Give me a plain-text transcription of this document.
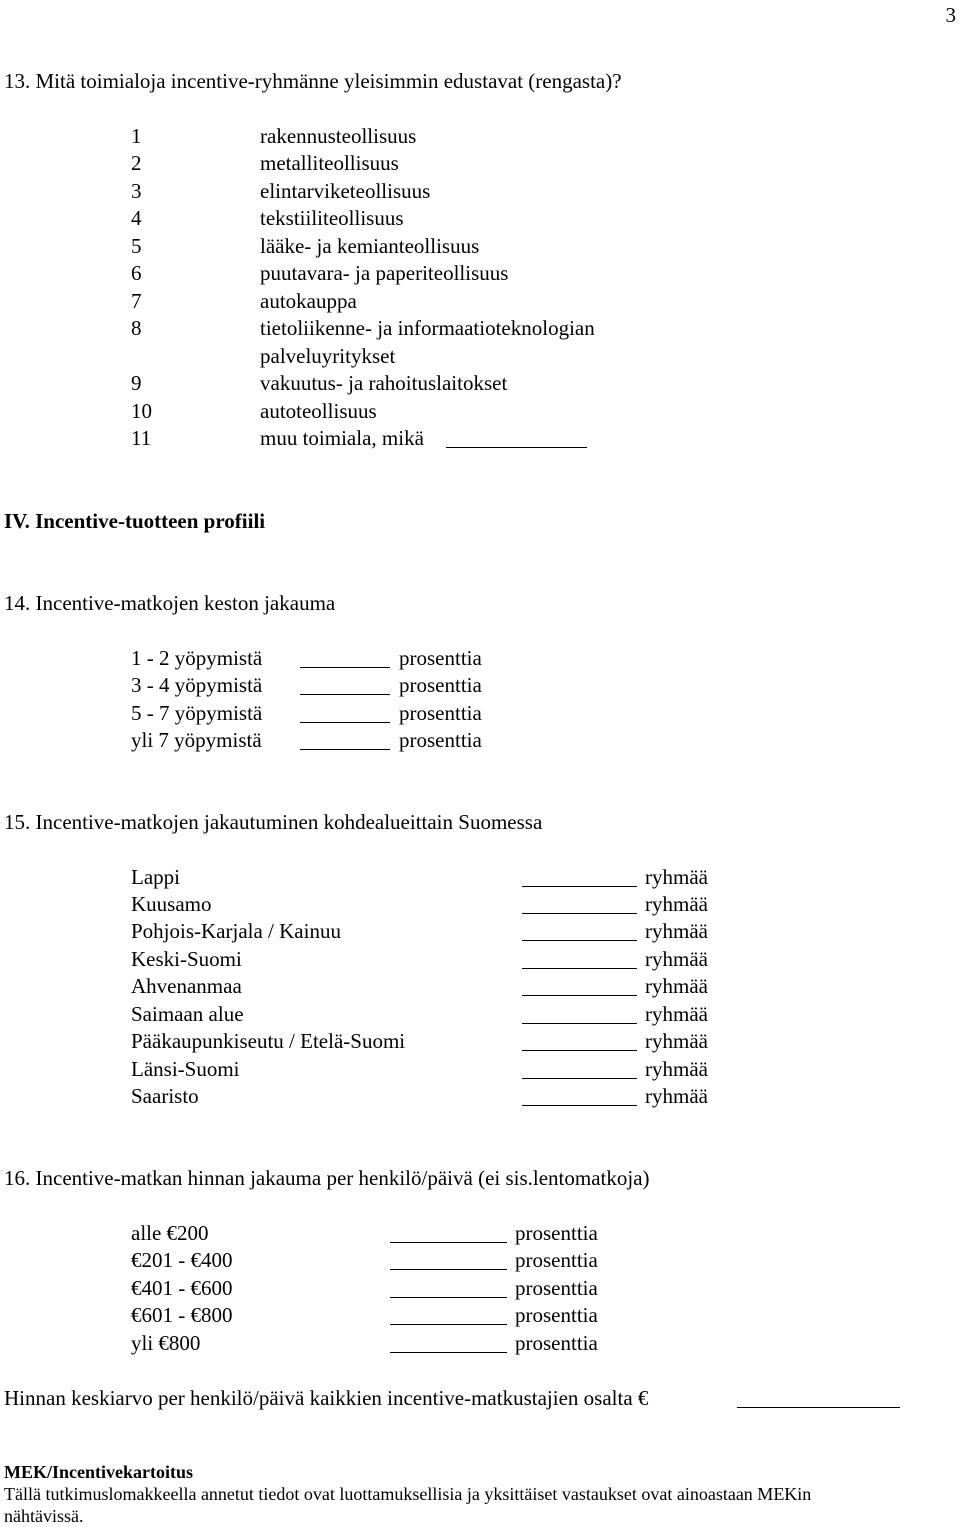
3
13. Mitä toimialoja incentive-ryhmänne yleisimmin edustavat (rengasta)?
1	rakennusteollisuus
2	metalliteollisuus
3	elintarviketeollisuus
4	tekstiiliteollisuus
5	lääke- ja kemianteollisuus
6	puutavara- ja paperiteollisuus
7	autokauppa
8	tietoliikenne- ja informaatioteknologian
palveluyritykset
9	vakuutus- ja rahoituslaitokset
10	autoteollisuus
11	muu toimiala, mikä
IV. Incentive-tuotteen profiili
14. Incentive-matkojen keston jakauma
1 - 2 yöpymistä	prosenttia
3 - 4 yöpymistä	prosenttia
5 - 7 yöpymistä	prosenttia
yli 7 yöpymistä	prosenttia
15. Incentive-matkojen jakautuminen kohdealueittain Suomessa
Lappi	ryhmää
Kuusamo	ryhmää
Pohjois-Karjala / Kainuu	ryhmää
Keski-Suomi	ryhmää
Ahvenanmaa	ryhmää
Saimaan alue	ryhmää
Pääkaupunkiseutu / Etelä-Suomi	ryhmää
Länsi-Suomi	ryhmää
Saaristo	ryhmää
16. Incentive-matkan hinnan jakauma per henkilö/päivä (ei sis.lentomatkoja)
alle €200	prosenttia
€201 - €400	prosenttia
€401 - €600	prosenttia
€601 - €800	prosenttia
yli €800	prosenttia
Hinnan keskiarvo per henkilö/päivä kaikkien incentive-matkustajien osalta €
MEK/Incentivekartoitus
Tällä tutkimuslomakkeella annetut tiedot ovat luottamuksellisia ja yksittäiset vastaukset ovat ainoastaan MEKin
nähtävissä.
